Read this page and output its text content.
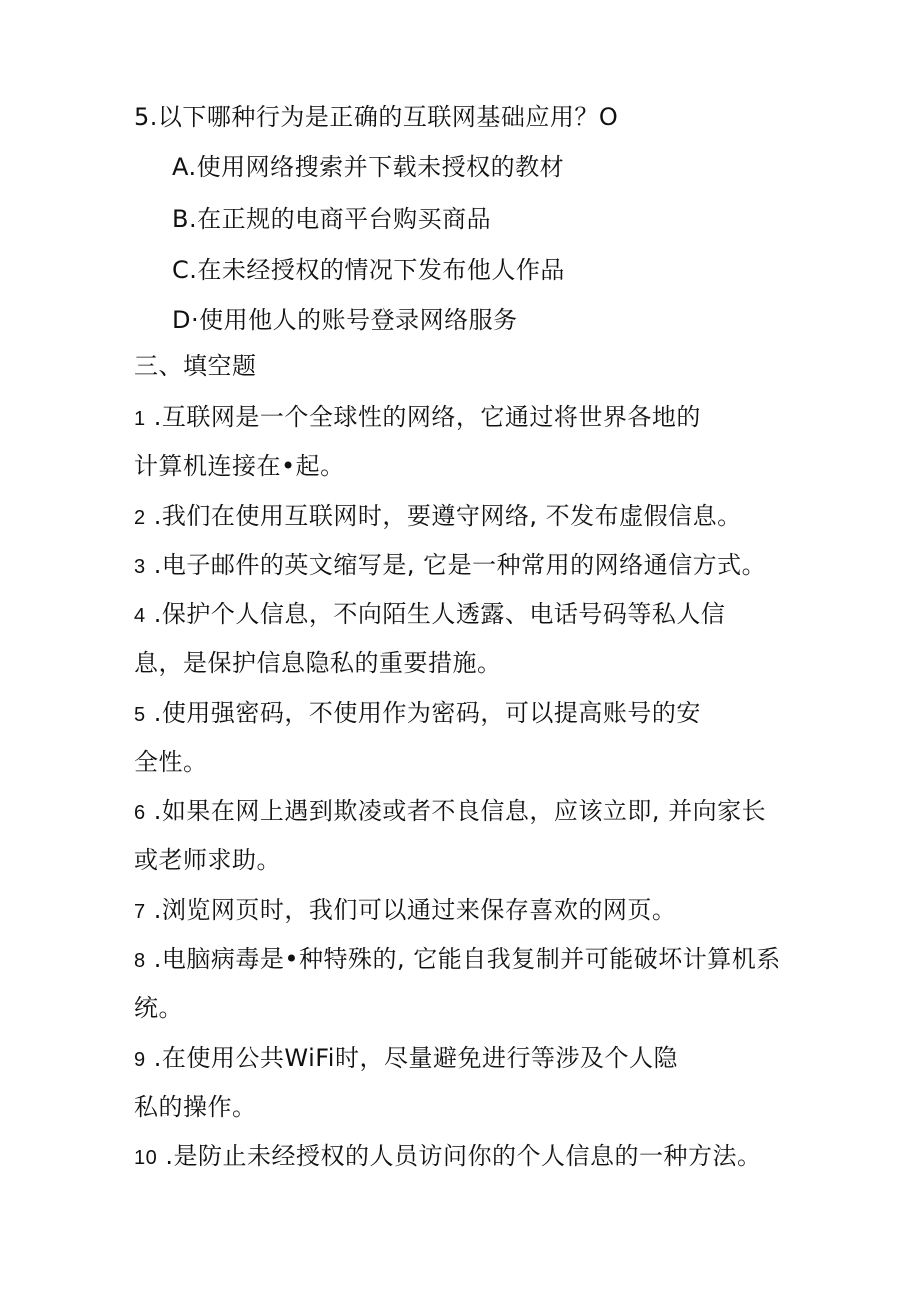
5.以下哪种行为是正确的互联网基础应用？O
A.使用网络搜索并下载未授权的教材
B.在正规的电商平台购买商品
C.在未经授权的情况下发布他人作品
D·使用他人的账号登录网络服务
三、填空题
1 .互联网是一个全球性的网络，它通过将世界各地的
计算机连接在•起。
2 .我们在使用互联网时，要遵守网络, 不发布虚假信息。
3 .电子邮件的英文缩写是, 它是一种常用的网络通信方式。
4 .保护个人信息，不向陌生人透露、电话号码等私人信
息，是保护信息隐私的重要措施。
5 .使用强密码，不使用作为密码，可以提高账号的安
全性。
6 .如果在网上遇到欺凌或者不良信息，应该立即, 并向家长
或老师求助。
7 .浏览网页时，我们可以通过来保存喜欢的网页。
8 .电脑病毒是•种特殊的, 它能自我复制并可能破坏计算机系
统。
9 .在使用公共WiFi时，尽量避免进行等涉及个人隐
私的操作。
10 .是防止未经授权的人员访问你的个人信息的一种方法。
